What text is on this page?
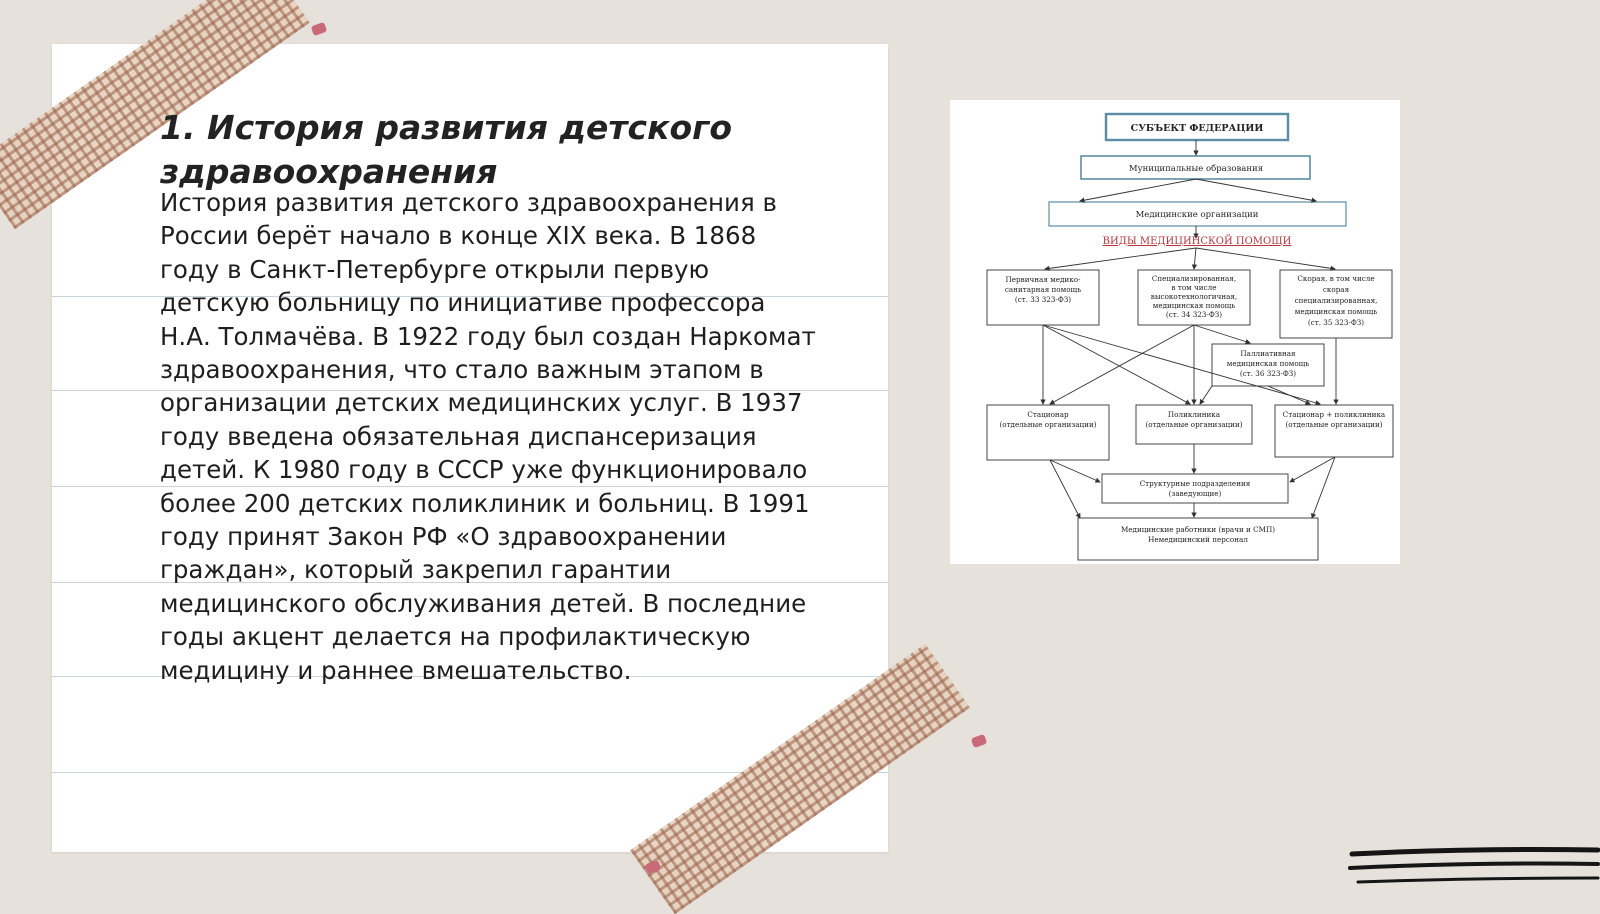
1. История развития детского здравоохранения

История развития детского здравоохранения в России берёт начало в конце XIX века. В 1868 году в Санкт-Петербурге открыли первую детскую больницу по инициативе профессора Н.А. Толмачёва. В 1922 году был создан Наркомат здравоохранения, что стало важным этапом в организации детских медицинских услуг. В 1937 году введена обязательная диспансеризация детей. К 1980 году в СССР уже функционировало более 200 детских поликлиник и больниц. В 1991 году принят Закон РФ «О здравоохранении граждан», который закрепил гарантии медицинского обслуживания детей. В последние годы акцент делается на профилактическую медицину и раннее вмешательство.

СУБЪЕКТ ФЕДЕРАЦИИ
Муниципальные образования
Медицинские организации
ВИДЫ МЕДИЦИНСКОЙ ПОМОЩИ
Первичная медико-
санитарная помощь
(ст. 33 323-ФЗ)
Специализированная,
в том числе
высокотехнологичная,
медицинская помощь
(ст. 34 323-ФЗ)
Скорая, в том числе
скорая
специализированная,
медицинская помощь
(ст. 35 323-ФЗ)
Паллиативная
медицинская помощь
(ст. 36 323-ФЗ)
Стационар
(отдельные организации)
Поликлиника
(отдельные организации)
Стационар + поликлиника
(отдельные организации)
Структурные подразделения
(заведующие)
Медицинские работники (врачи и СМП)
Немедицинский персонал
